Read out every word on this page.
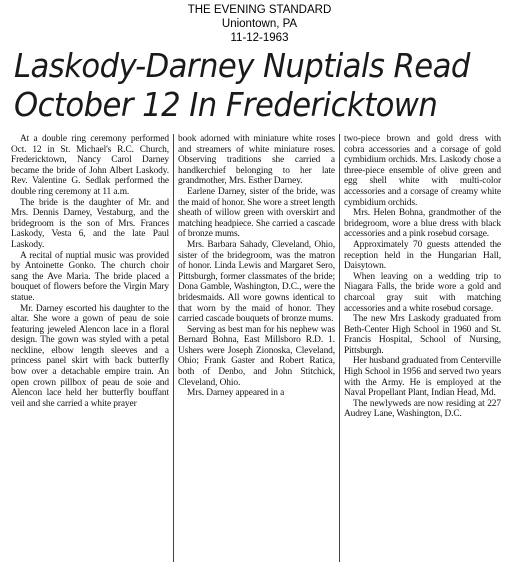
THE EVENING STANDARD
Uniontown, PA
11-12-1963
Laskody-Darney Nuptials Read
October 12 In Fredericktown

At a double ring ceremony performed Oct. 12 in St. Michael's R.C. Church, Fredericktown, Nancy Carol Darney became the bride of John Albert Laskody. Rev. Valentine G. Sedlak performed the double ring ceremony at 11 a.m.

The bride is the daughter of Mr. and Mrs. Dennis Darney, Vestaburg, and the bridegroom is the son of Mrs. Frances Laskody, Vesta 6, and the late Paul Laskody.

A recital of nuptial music was provided by Antoinette Gonko. The church choir sang the Ave Maria. The bride placed a bouquet of flowers before the Virgin Mary statue.

Mr. Darney escorted his daughter to the altar. She wore a gown of peau de soie featuring jeweled Alencon lace in a floral design. The gown was styled with a petal neckline, elbow length sleeves and a princess panel skirt with back butterfly bow over a detachable empire train. An open crown pillbox of peau de soie and Alencon lace held her butterfly bouffant veil and she carried a white prayer

book adorned with miniature white roses and streamers of white miniature roses. Observing traditions she carried a handkerchief belonging to her late grandmother, Mrs. Esther Darney.

Earlene Darney, sister of the bride, was the maid of honor. She wore a street length sheath of willow green with overskirt and matching headpiece. She carried a cascade of bronze mums.

Mrs. Barbara Sahady, Cleveland, Ohio, sister of the bridegroom, was the matron of honor. Linda Lewis and Margaret Sero, Pittsburgh, former classmates of the bride; Dona Gamble, Washington, D.C., were the bridesmaids. All wore gowns identical to that worn by the maid of honor. They carried cascade bouquets of bronze mums.

Serving as best man for his nephew was Bernard Bohna, East Millsboro R.D. 1. Ushers were Joseph Zionoska, Cleveland, Ohio; Frank Gaster and Robert Ratica, both of Denbo, and John Stitchick, Cleveland, Ohio.

Mrs. Darney appeared in a

two-piece brown and gold dress with cobra accessories and a corsage of gold cymbidium orchids. Mrs. Laskody chose a three-piece ensemble of olive green and egg shell white with multi-color accessories and a corsage of creamy white cymbidium orchids.

Mrs. Helen Bohna, grandmother of the bridegroom, wore a blue dress with black accessories and a pink rosebud corsage.

Approximately 70 guests attended the reception held in the Hungarian Hall, Daisytown.

When leaving on a wedding trip to Niagara Falls, the bride wore a gold and charcoal gray suit with matching accessories and a white rosebud corsage.

The new Mrs Laskody graduated from Beth-Center High School in 1960 and St. Francis Hospital, School of Nursing, Pittsburgh.

Her husband graduated from Centerville High School in 1956 and served two years with the Army. He is employed at the Naval Propellant Plant, Indian Head, Md.

The newlyweds are now residing at 227 Audrey Lane, Washington, D.C.
